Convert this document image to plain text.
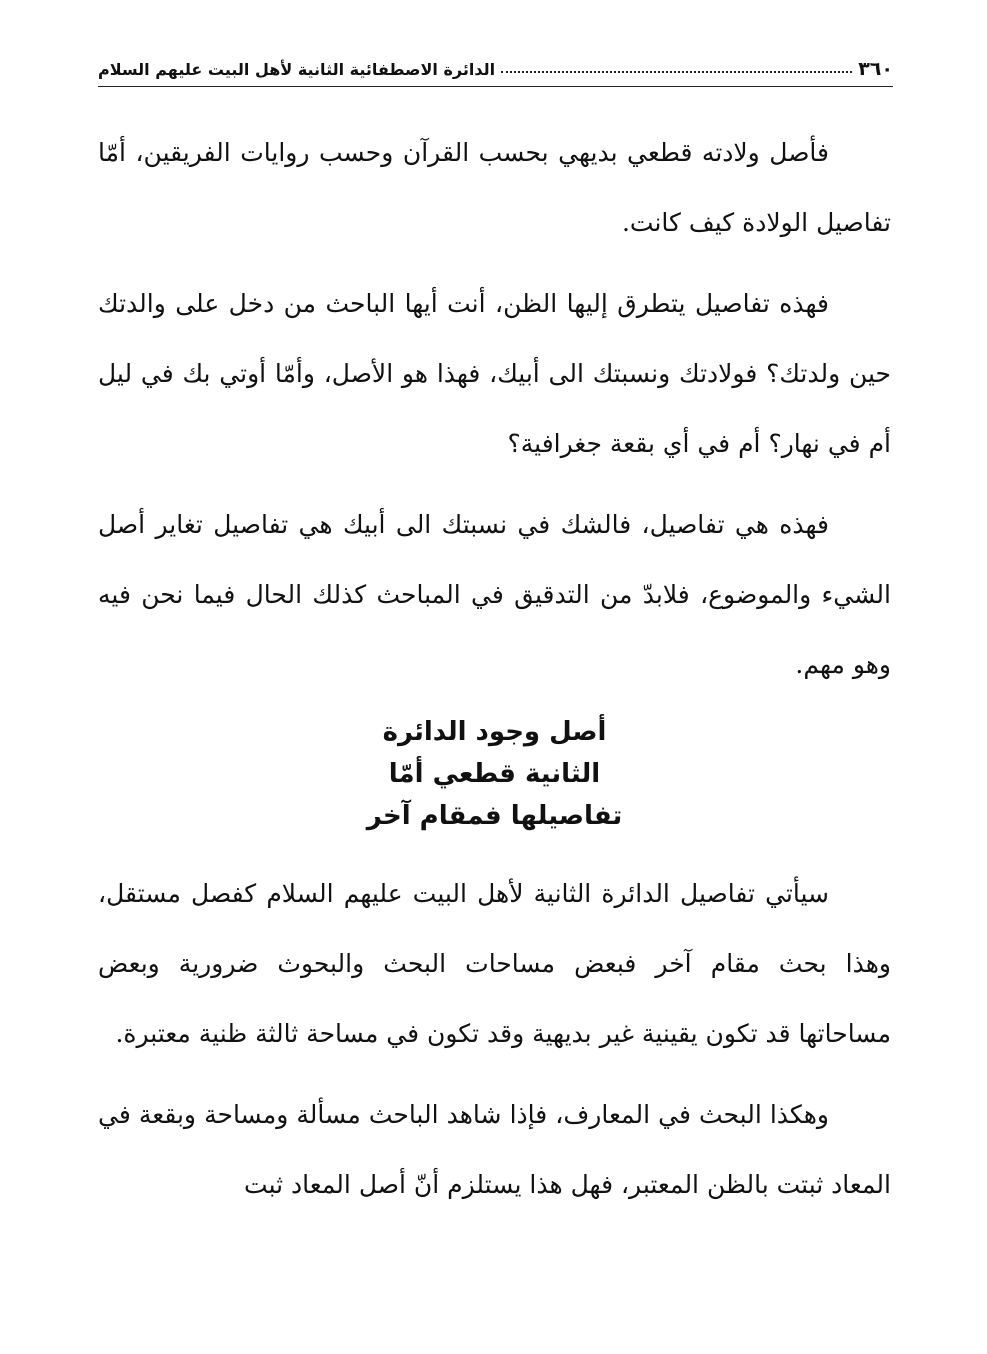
٣٦٠
الدائرة الاصطفائية الثانية لأهل البيت عليهم السلام

فأصل ولادته قطعي بديهي بحسب القرآن وحسب روايات الفريقين، أمّا تفاصيل الولادة كيف كانت.

فهذه تفاصيل يتطرق إليها الظن، أنت أيها الباحث من دخل على والدتك حين ولدتك؟ فولادتك ونسبتك الى أبيك، فهذا هو الأصل، وأمّا أوتي بك في ليل أم في نهار؟ أم في أي بقعة جغرافية؟

فهذه هي تفاصيل، فالشك في نسبتك الى أبيك هي تفاصيل تغاير أصل الشيء والموضوع، فلابدّ من التدقيق في المباحث كذلك الحال فيما نحن فيه وهو مهم.

أصل وجود الدائرة
الثانية قطعي أمّا
تفاصيلها فمقام آخر

سيأتي تفاصيل الدائرة الثانية لأهل البيت عليهم السلام كفصل مستقل، وهذا بحث مقام آخر فبعض مساحات البحث والبحوث ضرورية وبعض مساحاتها قد تكون يقينية غير بديهية وقد تكون في مساحة ثالثة ظنية معتبرة.

وهكذا البحث في المعارف، فإذا شاهد الباحث مسألة ومساحة وبقعة في المعاد ثبتت بالظن المعتبر، فهل هذا يستلزم أنّ أصل المعاد ثبت
